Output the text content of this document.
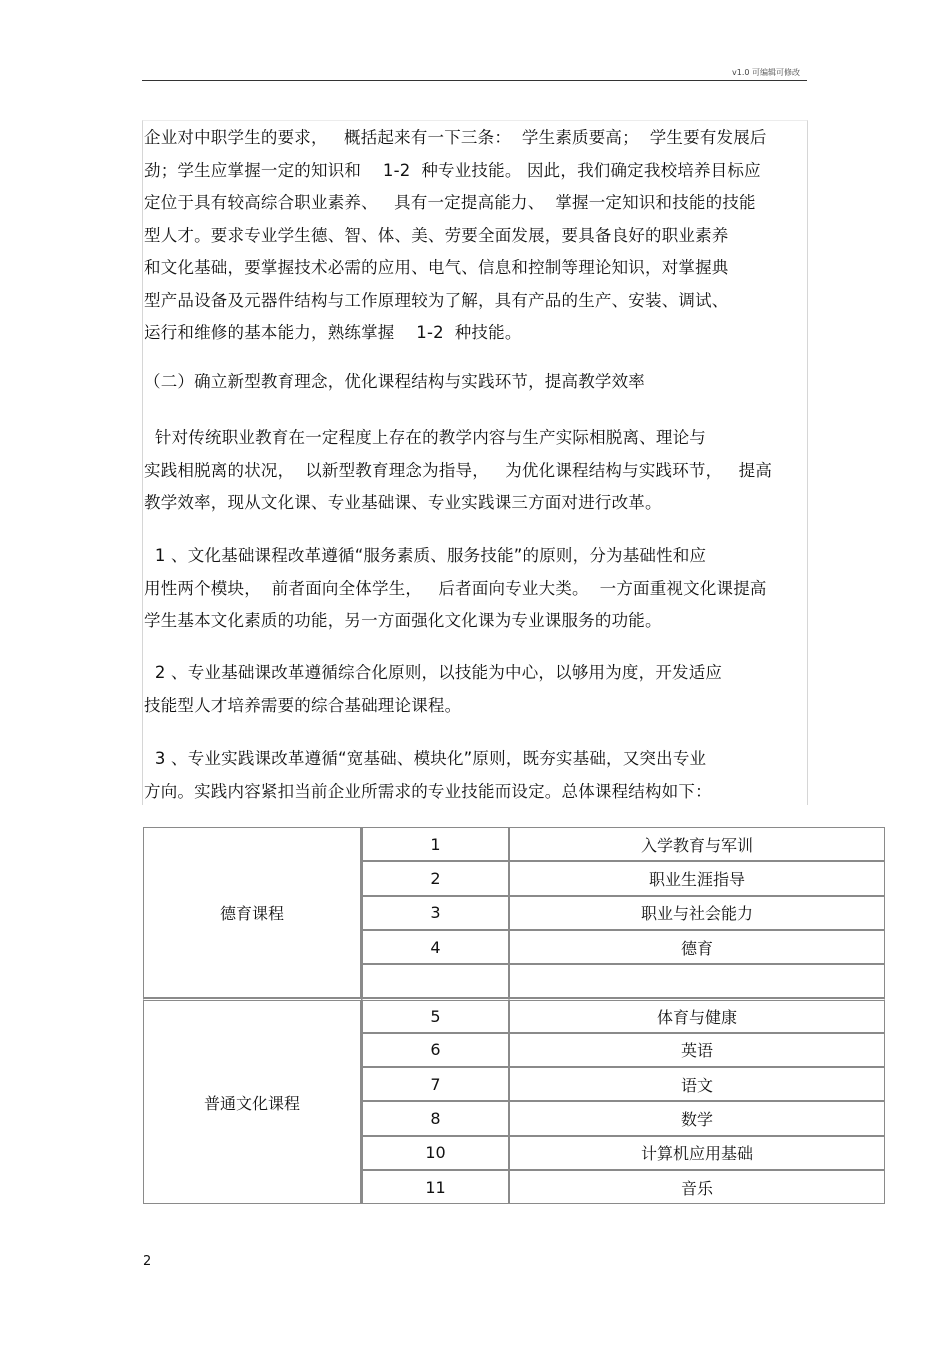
v1.0 可编辑可修改
企业对中职学生的要求，   概括起来有一下三条：  学生素质要高；  学生要有发展后
劲；学生应掌握一定的知识和    1-2  种专业技能。 因此，我们确定我校培养目标应
定位于具有较高综合职业素养、   具有一定提高能力、  掌握一定知识和技能的技能
型人才。要求专业学生德、智、体、美、劳要全面发展，要具备良好的职业素养
和文化基础，要掌握技术必需的应用、电气、信息和控制等理论知识，对掌握典
型产品设备及元器件结构与工作原理较为了解，具有产品的生产、安装、调试、
运行和维修的基本能力，熟练掌握    1-2  种技能。
（二）确立新型教育理念，优化课程结构与实践环节，提高教学效率
针对传统职业教育在一定程度上存在的教学内容与生产实际相脱离、理论与
实践相脱离的状况，  以新型教育理念为指导，   为优化课程结构与实践环节，   提高
教学效率，现从文化课、专业基础课、专业实践课三方面对进行改革。
1 、文化基础课程改革遵循“服务素质、服务技能”的原则，分为基础性和应
用性两个模块，  前者面向全体学生，   后者面向专业大类。  一方面重视文化课提高
学生基本文化素质的功能，另一方面强化文化课为专业课服务的功能。
2 、专业基础课改革遵循综合化原则，以技能为中心，以够用为度，开发适应
技能型人才培养需要的综合基础理论课程。
3 、专业实践课改革遵循“宽基础、模块化”原则，既夯实基础，又突出专业
方向。实践内容紧扣当前企业所需求的专业技能而设定。总体课程结构如下：
德育课程	1	入学教育与军训
	2	职业生涯指导
	3	职业与社会能力
	4	德育

普通文化课程	5	体育与健康
	6	英语
	7	语文
	8	数学
	10	计算机应用基础
	11	音乐
2
